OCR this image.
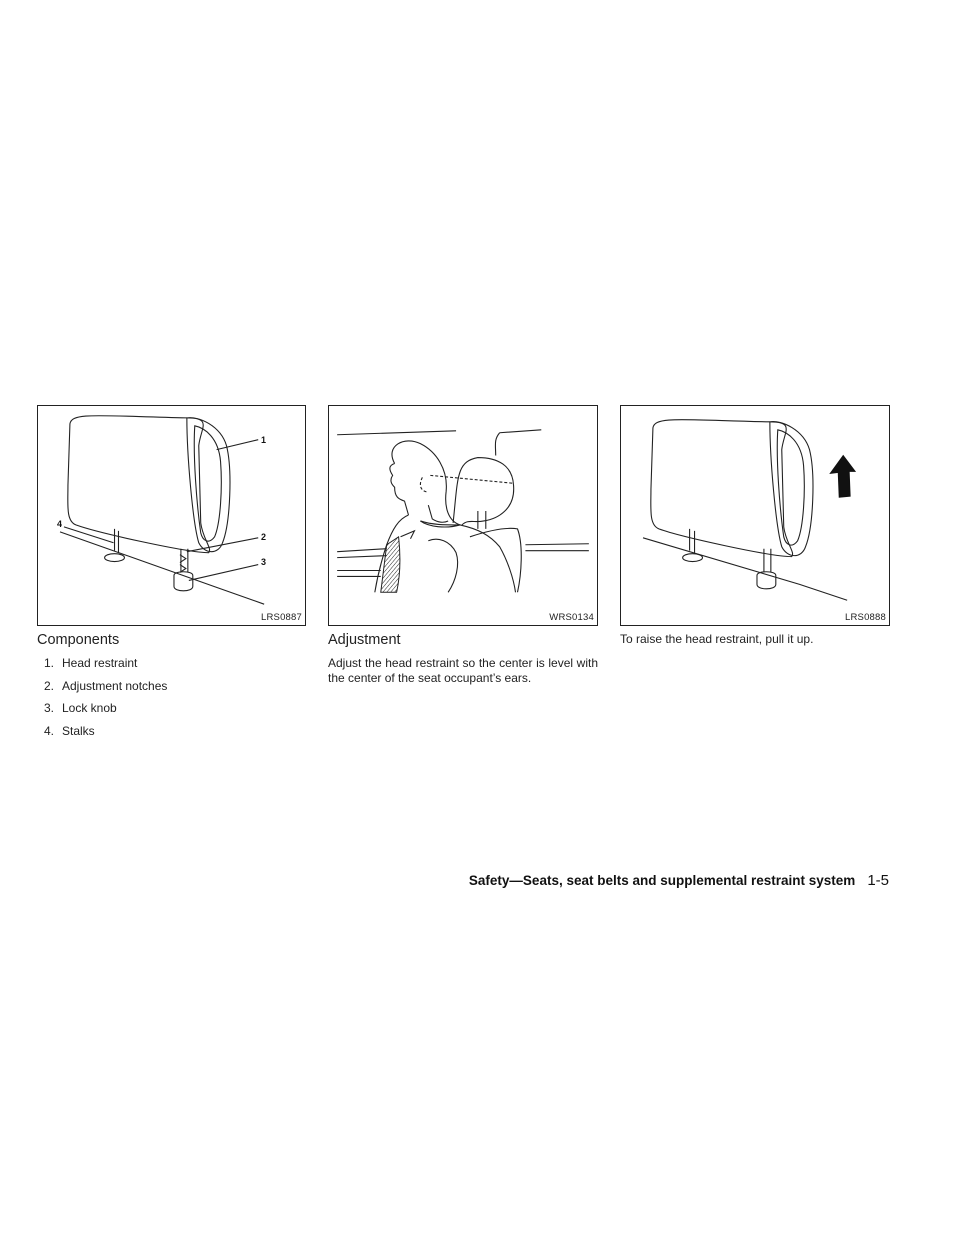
1
2
3
4
LRS0887	WRS0134	LRS0888
Components
1. Head restraint
2. Adjustment notches
3. Lock knob
4. Stalks
Adjustment

Adjust the head restraint so the center is level with the center of the seat occupant’s ears.

To raise the head restraint, pull it up.

Safety—Seats, seat belts and supplemental restraint system 1-5
